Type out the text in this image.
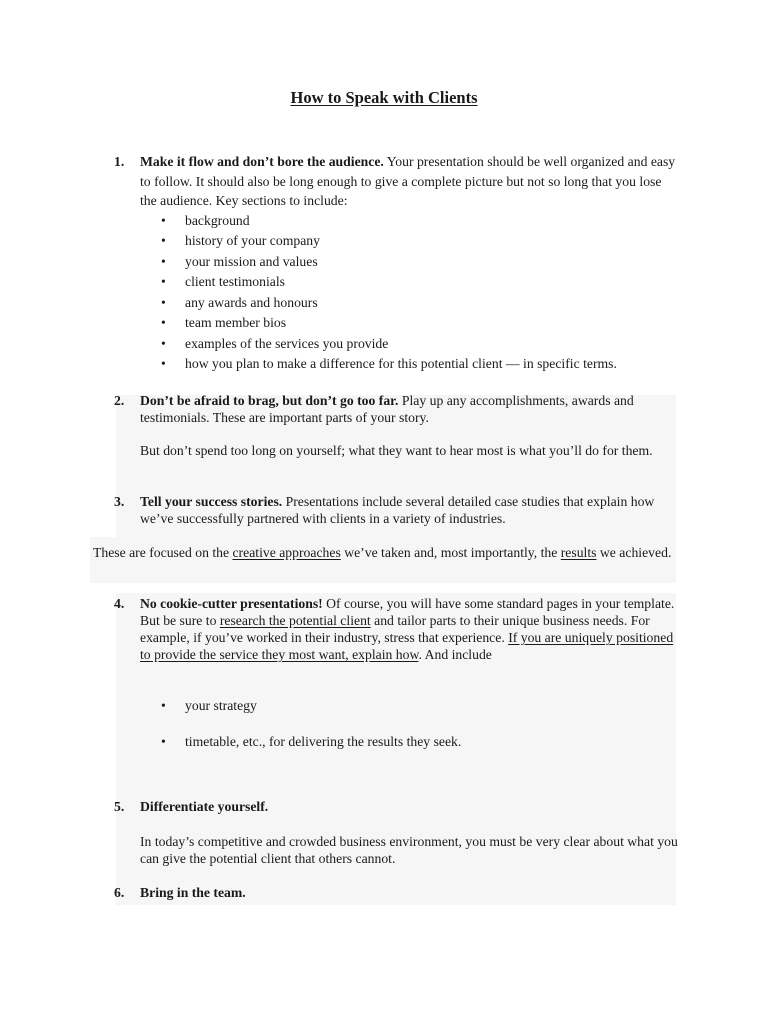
How to Speak with Clients
1. Make it flow and don’t bore the audience. Your presentation should be well organized and easy to follow. It should also be long enough to give a complete picture but not so long that you lose the audience. Key sections to include:
• background
• history of your company
• your mission and values
• client testimonials
• any awards and honours
• team member bios
• examples of the services you provide
• how you plan to make a difference for this potential client — in specific terms.
2. Don’t be afraid to brag, but don’t go too far. Play up any accomplishments, awards and testimonials. These are important parts of your story.
But don’t spend too long on yourself; what they want to hear most is what you’ll do for them.
3. Tell your success stories. Presentations include several detailed case studies that explain how we’ve successfully partnered with clients in a variety of industries.
These are focused on the creative approaches we’ve taken and, most importantly, the results we achieved.
4. No cookie-cutter presentations! Of course, you will have some standard pages in your template. But be sure to research the potential client and tailor parts to their unique business needs. For example, if you’ve worked in their industry, stress that experience. If you are uniquely positioned to provide the service they most want, explain how. And include
•	your strategy
•	timetable, etc., for delivering the results they seek.
5. Differentiate yourself.
In today’s competitive and crowded business environment, you must be very clear about what you can give the potential client that others cannot.
6. Bring in the team.
